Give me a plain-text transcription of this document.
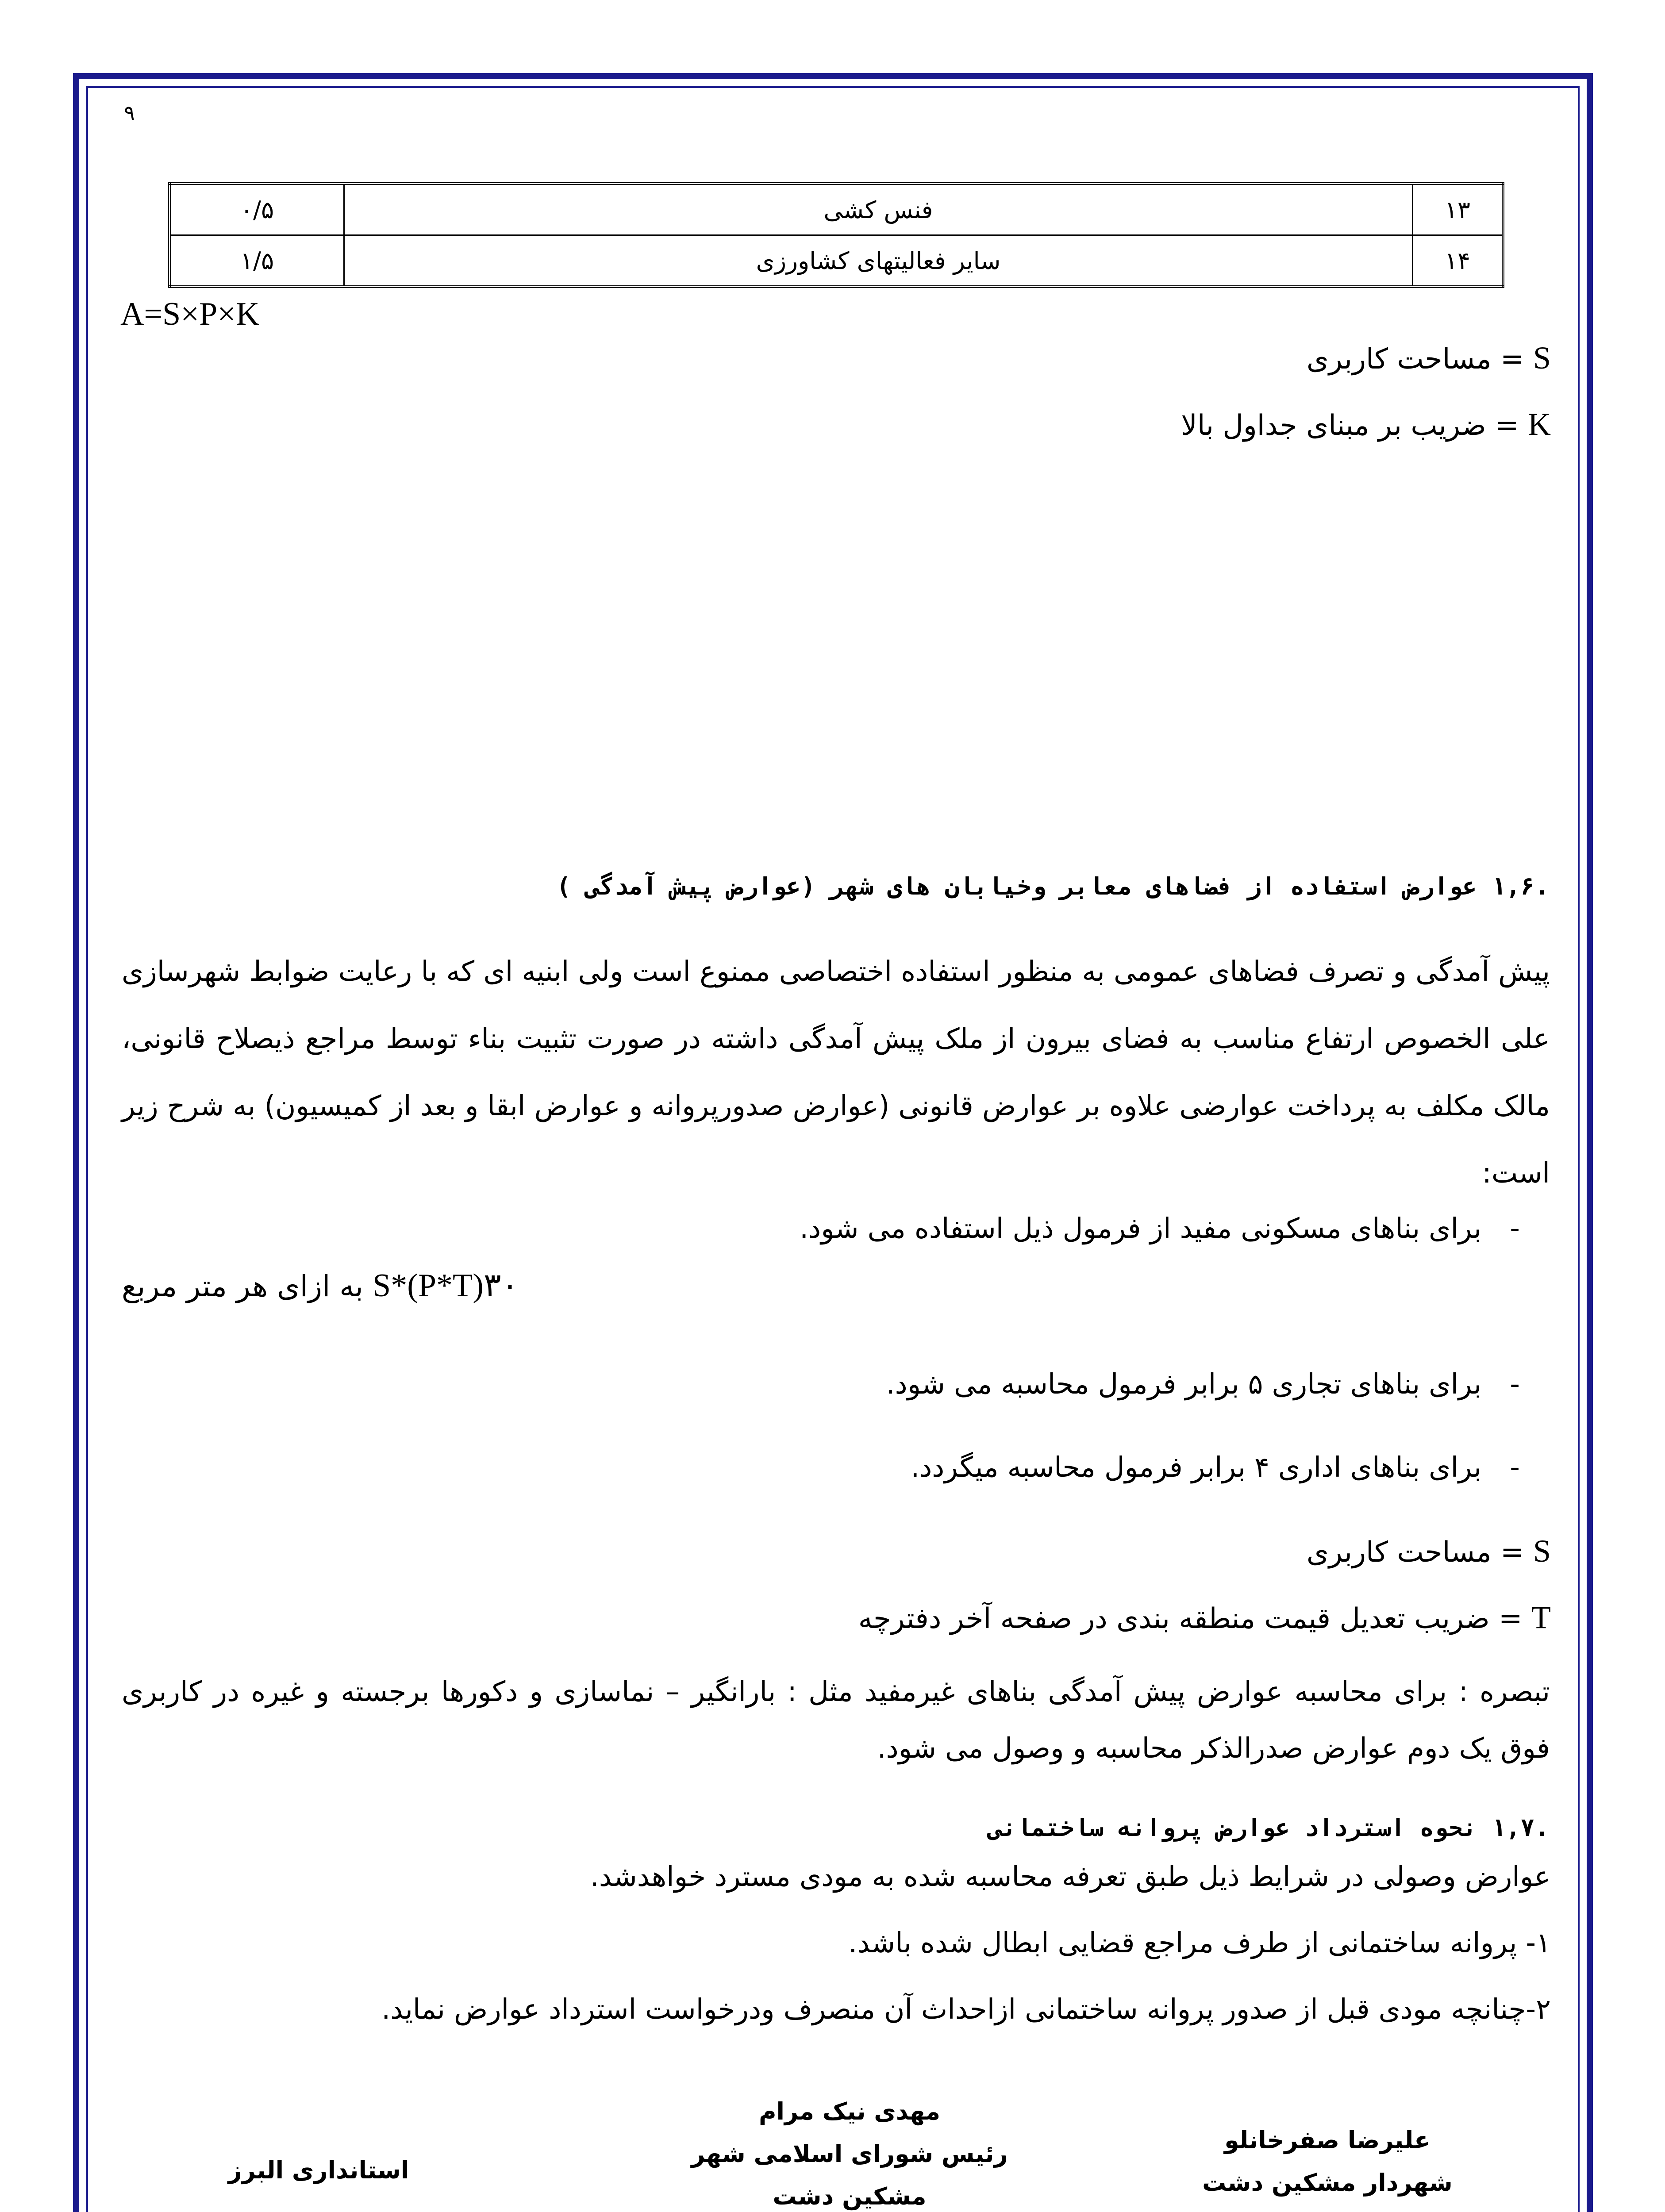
۹
۱۳	فنس کشی	۰/۵
۱۴	سایر فعالیتهای کشاورزی	۱/۵
A=S×P×K
S = مساحت کاربری
K = ضریب بر مبنای جداول بالا
.۱,۶ عوارض استفاده از فضاهای معابر وخیابان های شهر (عوارض پیش آمدگی )
پیش آمدگی و تصرف فضاهای عمومی به منظور استفاده اختصاصی ممنوع است ولی ابنیه ای که با رعایت ضوابط شهرسازی علی الخصوص ارتفاع مناسب به فضای بیرون از ملک پیش آمدگی داشته در صورت تثبیت بناء توسط مراجع ذیصلاح قانونی، مالک مکلف به پرداخت عوارضی علاوه بر عوارض قانونی (عوارض صدورپروانه و عوارض ابقا و بعد از کمیسیون) به شرح زیر است:
-برای بناهای مسکونی مفید از فرمول ذیل استفاده می شود.
۳۰(P*T)*S به ازای هر متر مربع
-برای بناهای تجاری ۵ برابر فرمول محاسبه می شود.
-برای بناهای اداری ۴ برابر فرمول محاسبه میگردد.
S = مساحت کاربری
T = ضریب تعدیل قیمت منطقه بندی در صفحه آخر دفترچه
تبصره : برای محاسبه عوارض پیش آمدگی بناهای غیرمفید مثل : بارانگیر – نماسازی و دکورها برجسته و غیره در کاربری فوق یک دوم عوارض صدرالذکر محاسبه و وصول می شود.
.۱,۷ نحوه استرداد عوارض پروانه ساختمانی
عوارض وصولی در شرایط ذیل طبق تعرفه محاسبه شده به مودی مسترد خواهدشد.
۱- پروانه ساختمانی از طرف مراجع قضایی ابطال شده باشد.
۲-چنانچه مودی قبل از صدور پروانه ساختمانی ازاحداث آن منصرف ودرخواست استرداد عوارض نماید.
علیرضا صفرخانلو
شهردار مشکین دشت
مهدی نیک مرام
رئیس شورای اسلامی شهر
مشکین دشت
استانداری البرز
